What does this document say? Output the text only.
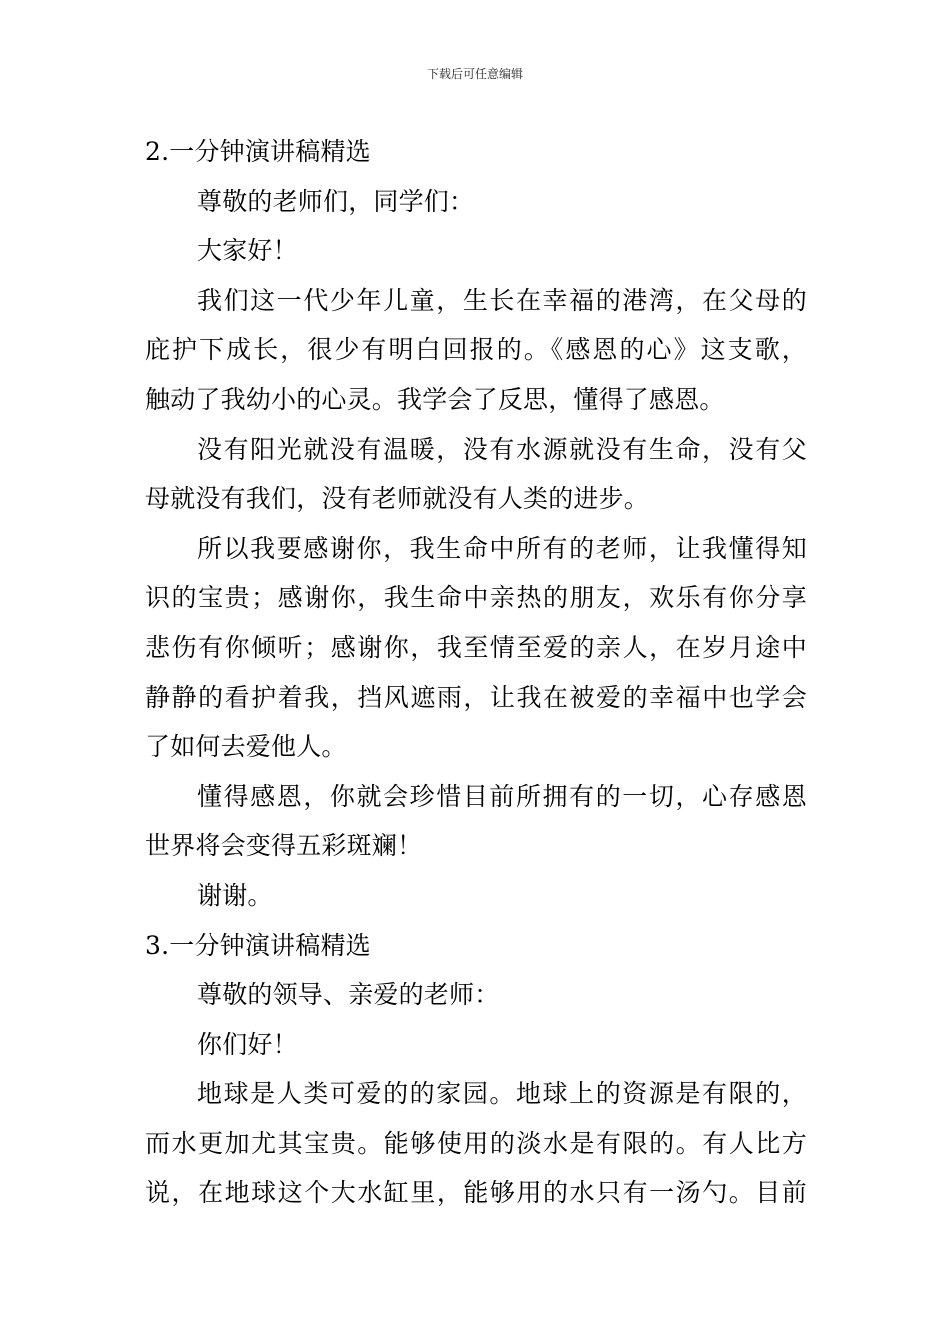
下载后可任意编辑
2.一分钟演讲稿精选
尊敬的老师们，同学们：
大家好！
我们这一代少年儿童，生长在幸福的港湾，在父母的
庇护下成长，很少有明白回报的。《感恩的心》这支歌，
触动了我幼小的心灵。我学会了反思，懂得了感恩。
没有阳光就没有温暖，没有水源就没有生命，没有父
母就没有我们，没有老师就没有人类的进步。
所以我要感谢你，我生命中所有的老师，让我懂得知
识的宝贵；感谢你，我生命中亲热的朋友，欢乐有你分享
悲伤有你倾听；感谢你，我至情至爱的亲人，在岁月途中
静静的看护着我，挡风遮雨，让我在被爱的幸福中也学会
了如何去爱他人。
懂得感恩，你就会珍惜目前所拥有的一切，心存感恩
世界将会变得五彩斑斓！
谢谢。
3.一分钟演讲稿精选
尊敬的领导、亲爱的老师：
你们好！
地球是人类可爱的的家园。地球上的资源是有限的，
而水更加尤其宝贵。能够使用的淡水是有限的。有人比方
说，在地球这个大水缸里，能够用的水只有一汤勺。目前
